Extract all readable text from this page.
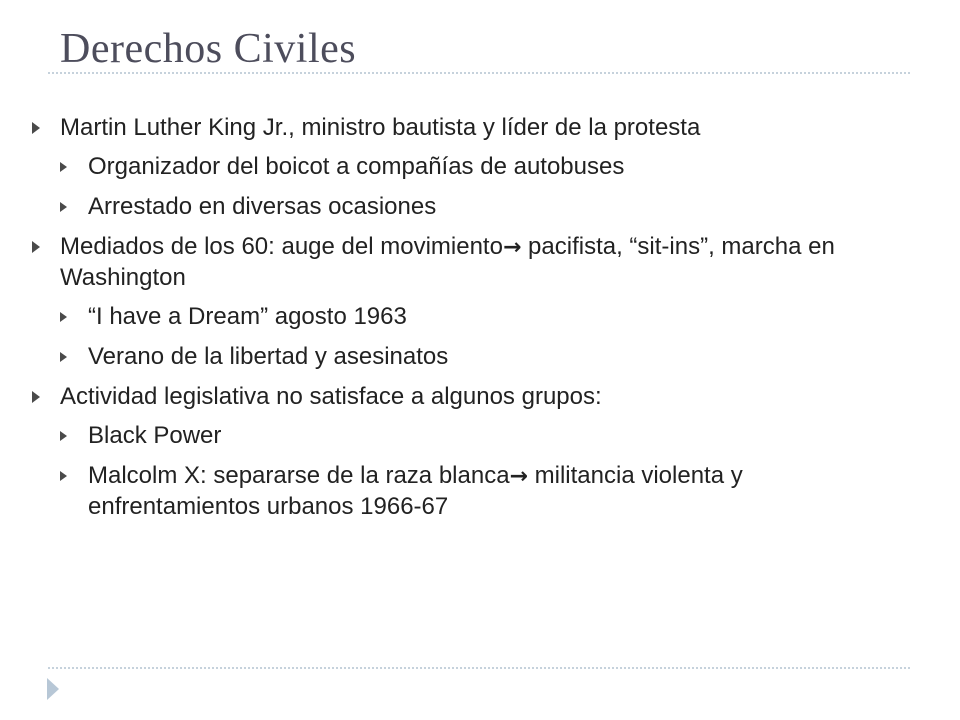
Derechos Civiles
Martin Luther King Jr., ministro bautista y líder de la protesta
Organizador del boicot a compañías de autobuses
Arrestado en diversas ocasiones
Mediados de los 60: auge del movimiento→ pacifista, “sit-ins”, marcha en Washington
“I have a Dream” agosto 1963
Verano de la libertad y asesinatos
Actividad legislativa no satisface a algunos grupos:
Black Power
Malcolm X: separarse de la raza blanca→ militancia violenta y enfrentamientos urbanos 1966-67
